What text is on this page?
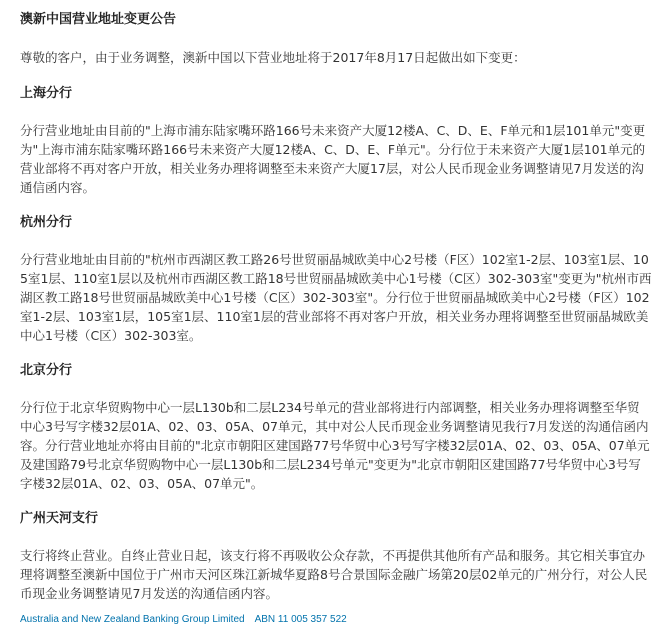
澳新中国营业地址变更公告
尊敬的客户，由于业务调整，澳新中国以下营业地址将于2017年8月17日起做出如下变更：
上海分行
分行营业地址由目前的"上海市浦东陆家嘴环路166号未来资产大厦12楼A、C、D、E、F单元和1层101单元"变更为"上海市浦东陆家嘴环路166号未来资产大厦12楼A、C、D、E、F单元"。分行位于未来资产大厦1层101单元的营业部将不再对客户开放，相关业务办理将调整至未来资产大厦17层，对公人民币现金业务调整请见7月发送的沟通信函内容。
杭州分行
分行营业地址由目前的"杭州市西湖区教工路26号世贸丽晶城欧美中心2号楼（F区）102室1-2层、103室1层、105室1层、110室1层以及杭州市西湖区教工路18号世贸丽晶城欧美中心1号楼（C区）302-303室"变更为"杭州市西湖区教工路18号世贸丽晶城欧美中心1号楼（C区）302-303室"。分行位于世贸丽晶城欧美中心2号楼（F区）102室1-2层、103室1层，105室1层、110室1层的营业部将不再对客户开放，相关业务办理将调整至世贸丽晶城欧美中心1号楼（C区）302-303室。
北京分行
分行位于北京华贸购物中心一层L130b和二层L234号单元的营业部将进行内部调整，相关业务办理将调整至华贸中心3号写字楼32层01A、02、03、05A、07单元，其中对公人民币现金业务调整请见我行7月发送的沟通信函内容。分行营业地址亦将由目前的"北京市朝阳区建国路77号华贸中心3号写字楼32层01A、02、03、05A、07单元及建国路79号北京华贸购物中心一层L130b和二层L234号单元"变更为"北京市朝阳区建国路77号华贸中心3号写字楼32层01A、02、03、05A、07单元"。
广州天河支行
支行将终止营业。自终止营业日起，该支行将不再吸收公众存款，不再提供其他所有产品和服务。其它相关事宜办理将调整至澳新中国位于广州市天河区珠江新城华夏路8号合景国际金融广场第20层02单元的广州分行，对公人民币现金业务调整请见7月发送的沟通信函内容。
Australia and New Zealand Banking Group Limited ABN 11 005 357 522
